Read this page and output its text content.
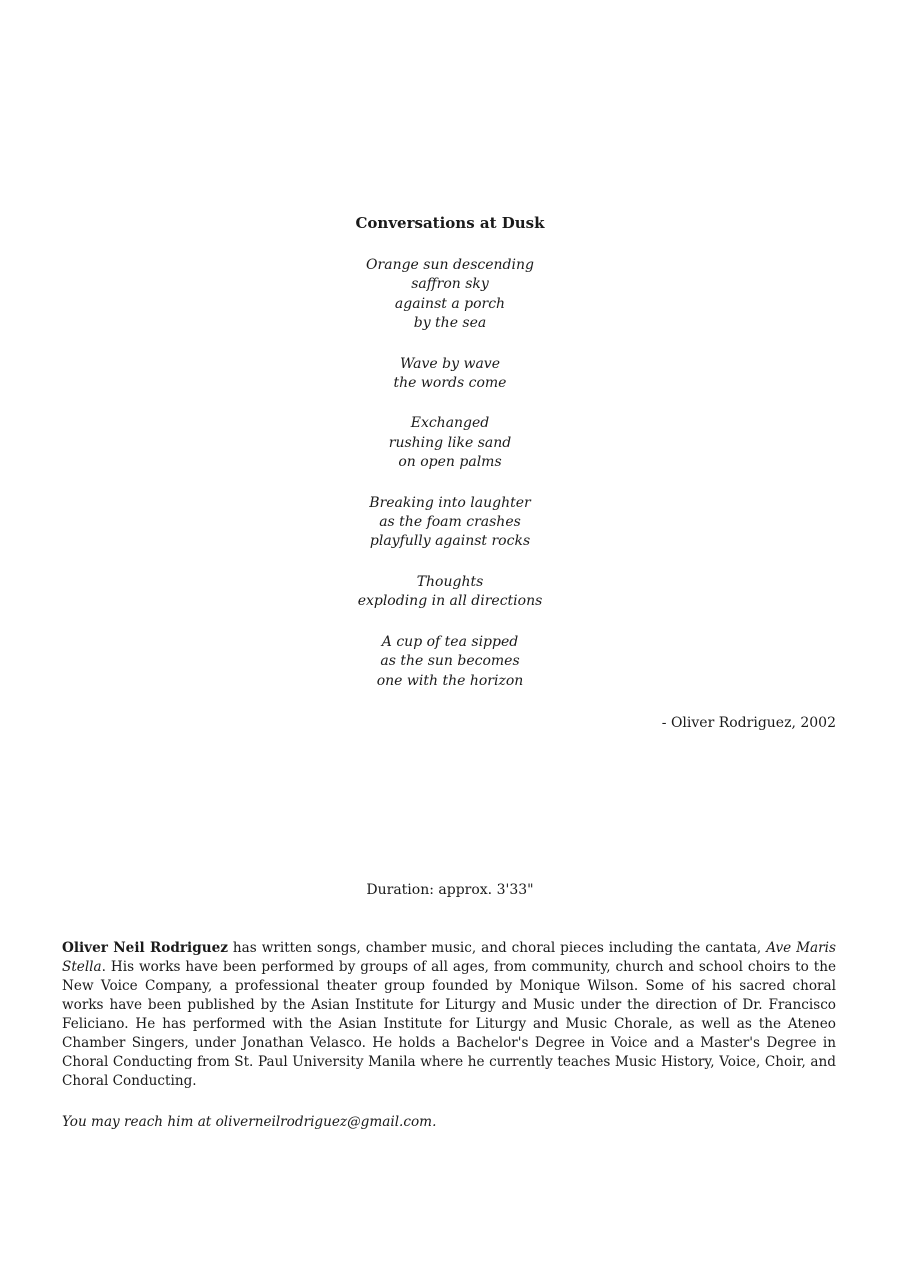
Conversations at Dusk
Orange sun descending
saffron sky
against a porch
by the sea
Wave by wave
the words come
Exchanged
rushing like sand
on open palms
Breaking into laughter
as the foam crashes
playfully against rocks
Thoughts
exploding in all directions
A cup of tea sipped
as the sun becomes
one with the horizon
- Oliver Rodriguez, 2002
Duration: approx. 3'33"

Oliver Neil Rodriguez has written songs, chamber music, and choral pieces including the cantata, Ave Maris Stella. His works have been performed by groups of all ages, from community, church and school choirs to the New Voice Company, a professional theater group founded by Monique Wilson. Some of his sacred choral works have been published by the Asian Institute for Liturgy and Music under the direction of Dr. Francisco Feliciano. He has performed with the Asian Institute for Liturgy and Music Chorale, as well as the Ateneo Chamber Singers, under Jonathan Velasco. He holds a Bachelor's Degree in Voice and a Master's Degree in Choral Conducting from St. Paul University Manila where he currently teaches Music History, Voice, Choir, and Choral Conducting.

You may reach him at oliverneilrodriguez@gmail.com.
